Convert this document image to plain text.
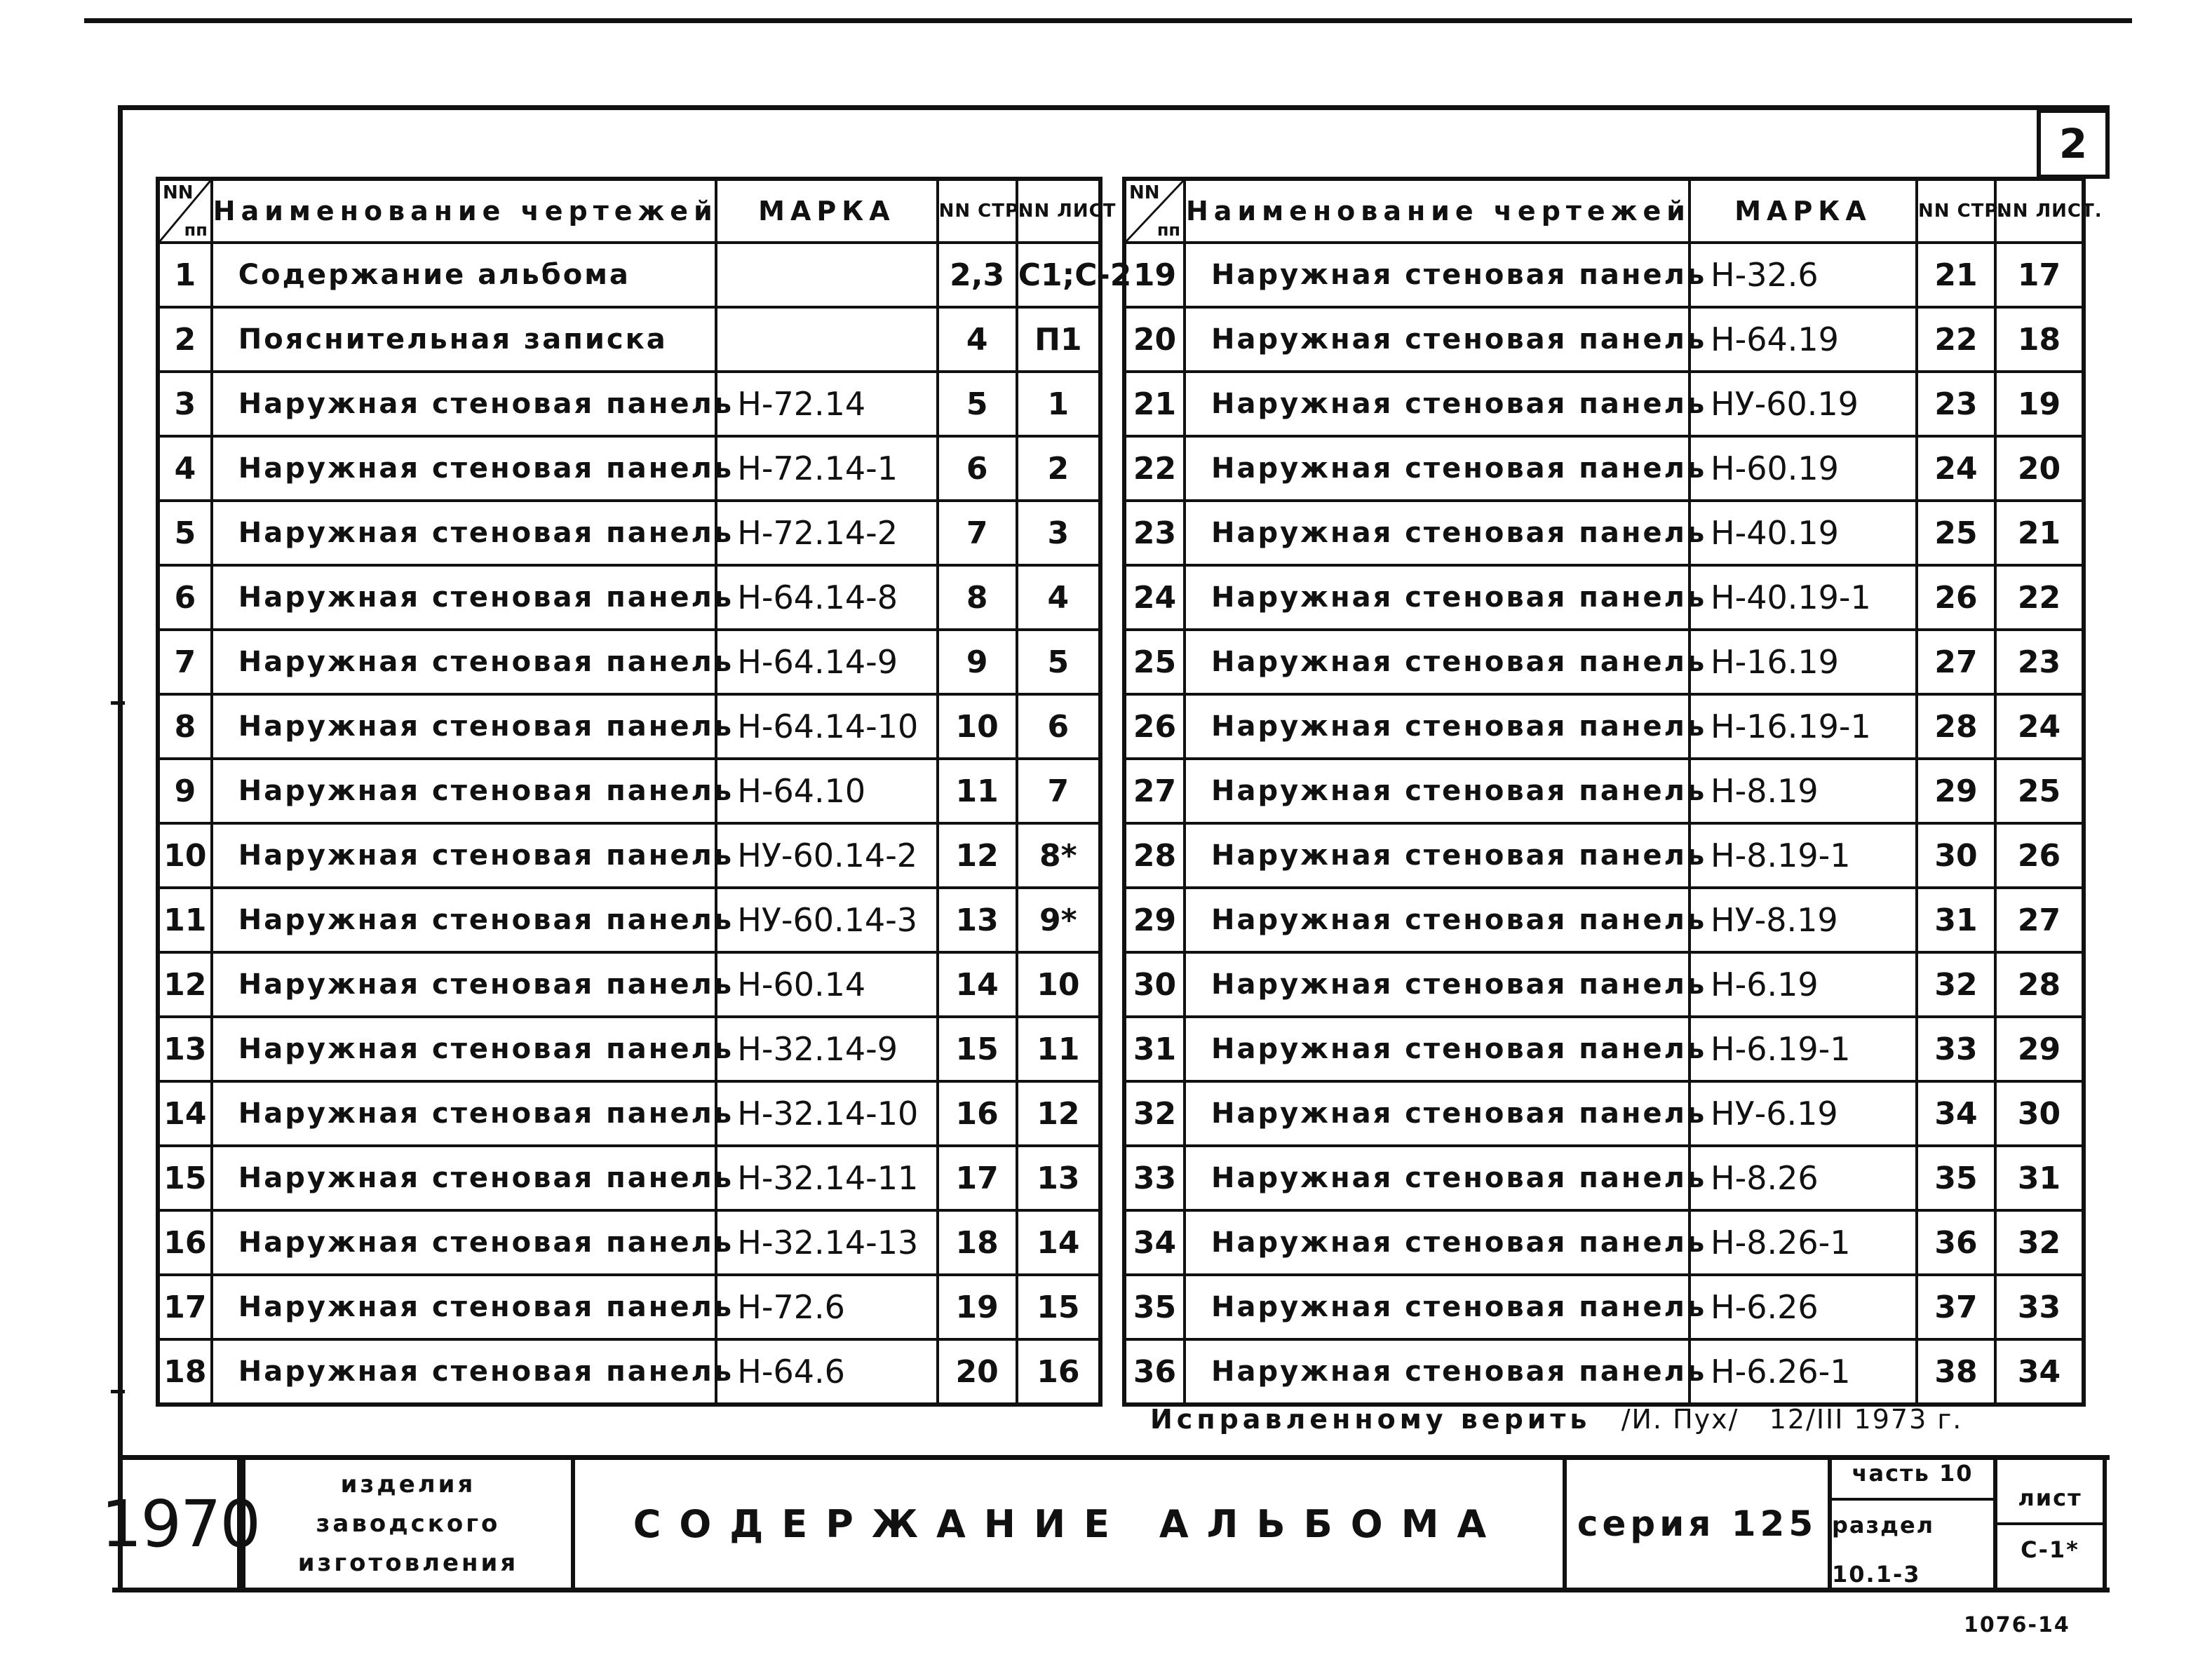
2
NN
пп	Наименование чертежей	МАРКА	NN СТР.	NN ЛИСТ
1	Содержание альбома		2,3	С1;С-2
2	Пояснительная записка		4	П1
3	Наружная стеновая панель	Н-72.14	5	1
4	Наружная стеновая панель	Н-72.14-1	6	2
5	Наружная стеновая панель	Н-72.14-2	7	3
6	Наружная стеновая панель	Н-64.14-8	8	4
7	Наружная стеновая панель	Н-64.14-9	9	5
8	Наружная стеновая панель	Н-64.14-10	10	6
9	Наружная стеновая панель	Н-64.10	11	7
10	Наружная стеновая панель	НУ-60.14-2	12	8*
11	Наружная стеновая панель	НУ-60.14-3	13	9*
12	Наружная стеновая панель	Н-60.14	14	10
13	Наружная стеновая панель	Н-32.14-9	15	11
14	Наружная стеновая панель	Н-32.14-10	16	12
15	Наружная стеновая панель	Н-32.14-11	17	13
16	Наружная стеновая панель	Н-32.14-13	18	14
17	Наружная стеновая панель	Н-72.6	19	15
18	Наружная стеновая панель	Н-64.6	20	16
NN
пп	Наименование чертежей	МАРКА	NN СТР.	NN ЛИСТ.
19	Наружная стеновая панель	Н-32.6	21	17
20	Наружная стеновая панель	Н-64.19	22	18
21	Наружная стеновая панель	НУ-60.19	23	19
22	Наружная стеновая панель	Н-60.19	24	20
23	Наружная стеновая панель	Н-40.19	25	21
24	Наружная стеновая панель	Н-40.19-1	26	22
25	Наружная стеновая панель	Н-16.19	27	23
26	Наружная стеновая панель	Н-16.19-1	28	24
27	Наружная стеновая панель	Н-8.19	29	25
28	Наружная стеновая панель	Н-8.19-1	30	26
29	Наружная стеновая панель	НУ-8.19	31	27
30	Наружная стеновая панель	Н-6.19	32	28
31	Наружная стеновая панель	Н-6.19-1	33	29
32	Наружная стеновая панель	НУ-6.19	34	30
33	Наружная стеновая панель	Н-8.26	35	31
34	Наружная стеновая панель	Н-8.26-1	36	32
35	Наружная стеновая панель	Н-6.26	37	33
36	Наружная стеновая панель	Н-6.26-1	38	34
Исправленному верить /И. Пух/ 12/III 1973 г.
1970
изделия заводского
изготовления
СОДЕРЖАНИЕ АЛЬБОМА	серия 125
часть 10
раздел 10.1-3
лист
С-1*
1076-14
